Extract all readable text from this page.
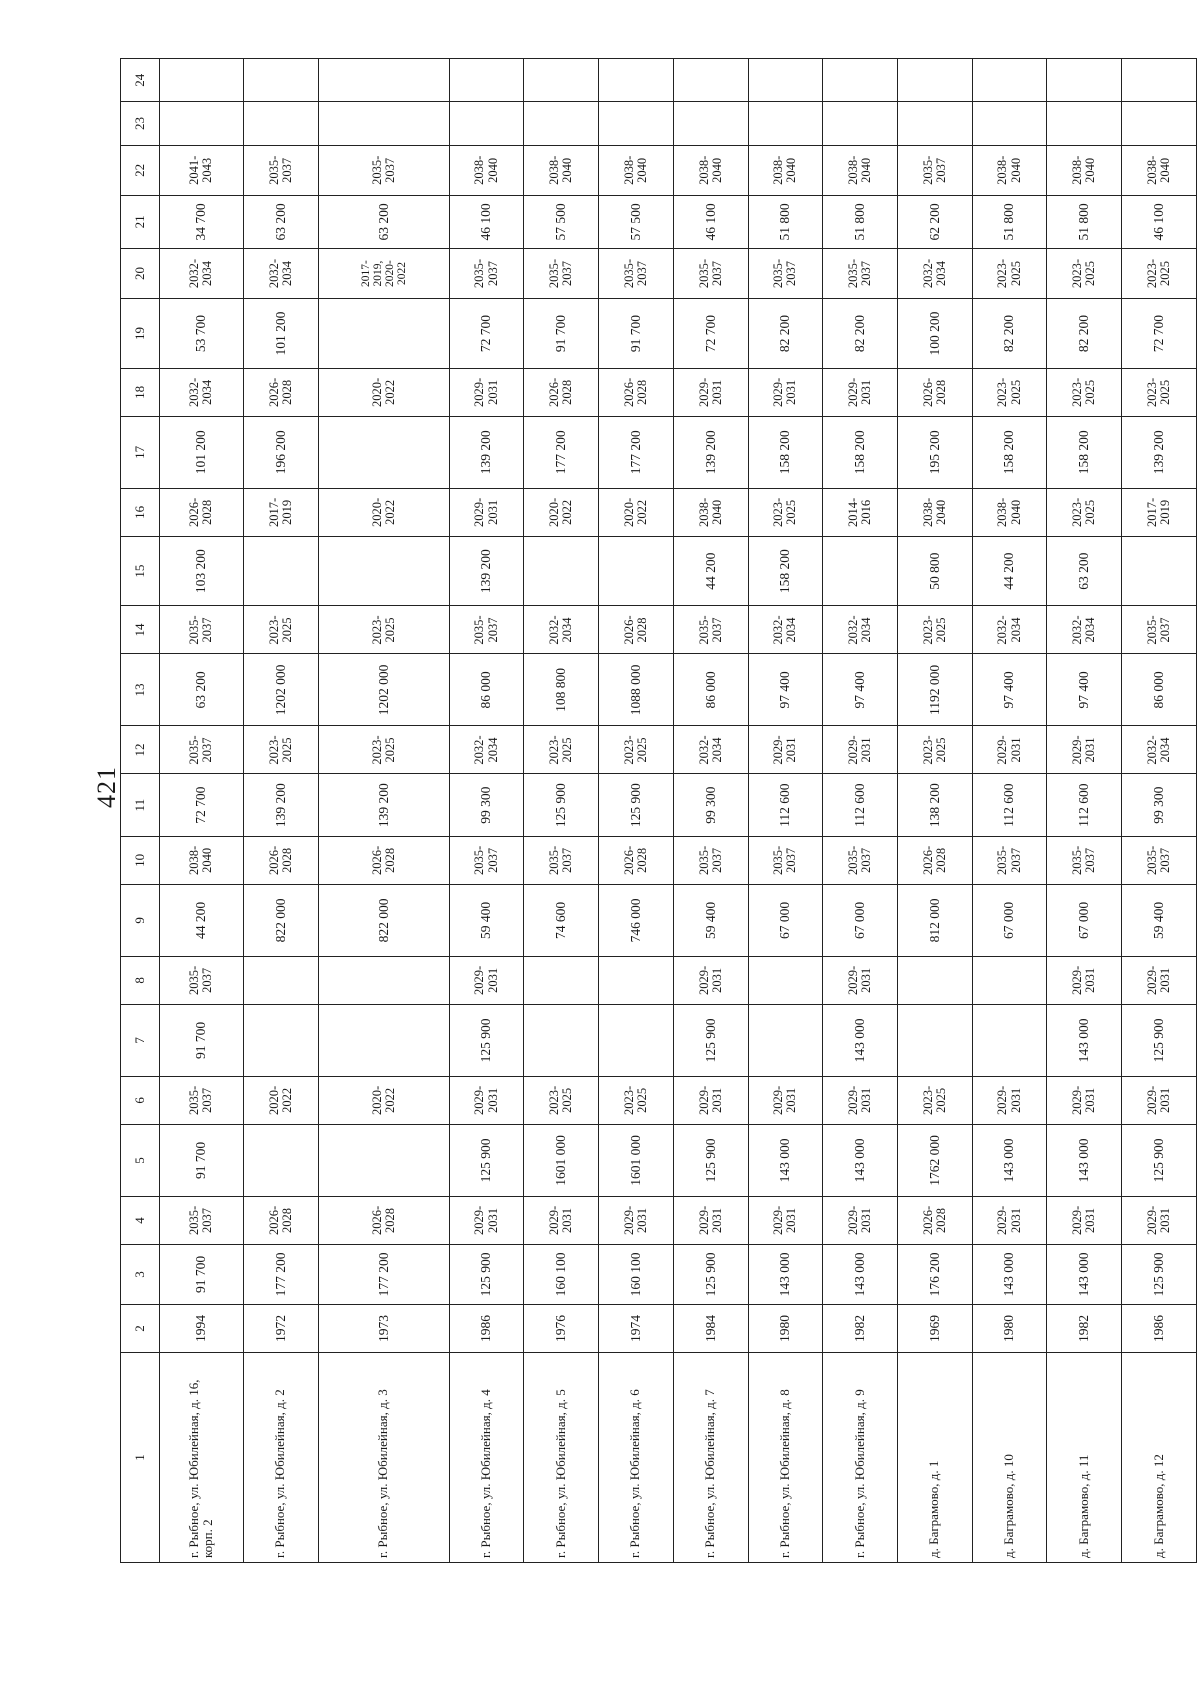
421
1	2	3	4	5	6	7	8	9	10	11	12	13	14	15	16	17	18	19	20	21	22	23	24
г. Рыбное, ул. Юбилейная, д. 16, корп. 2	1994	91 700	2035-2037	91 700	2035-2037	91 700	2035-2037	44 200	2038-2040	72 700	2035-2037	63 200	2035-2037	103 200	2026-2028	101 200	2032-2034	53 700	2032-2034	34 700	2041-2043		
г. Рыбное, ул. Юбилейная, д. 2	1972	177 200	2026-2028		2020-2022			822 000	2026-2028	139 200	2023-2025	1202 000	2023-2025		2017-2019	196 200	2026-2028	101 200	2032-2034	63 200	2035-2037		
г. Рыбное, ул. Юбилейная, д. 3	1973	177 200	2026-2028		2020-2022			822 000	2026-2028	139 200	2023-2025	1202 000	2023-2025		2020-2022		2020-2022		2017-2019, 2020-2022	63 200	2035-2037		
г. Рыбное, ул. Юбилейная, д. 4	1986	125 900	2029-2031	125 900	2029-2031	125 900	2029-2031	59 400	2035-2037	99 300	2032-2034	86 000	2035-2037	139 200	2029-2031	139 200	2029-2031	72 700	2035-2037	46 100	2038-2040		
г. Рыбное, ул. Юбилейная, д. 5	1976	160 100	2029-2031	1601 000	2023-2025			74 600	2035-2037	125 900	2023-2025	108 800	2032-2034		2020-2022	177 200	2026-2028	91 700	2035-2037	57 500	2038-2040		
г. Рыбное, ул. Юбилейная, д. 6	1974	160 100	2029-2031	1601 000	2023-2025			746 000	2026-2028	125 900	2023-2025	1088 000	2026-2028		2020-2022	177 200	2026-2028	91 700	2035-2037	57 500	2038-2040		
г. Рыбное, ул. Юбилейная, д. 7	1984	125 900	2029-2031	125 900	2029-2031	125 900	2029-2031	59 400	2035-2037	99 300	2032-2034	86 000	2035-2037	44 200	2038-2040	139 200	2029-2031	72 700	2035-2037	46 100	2038-2040		
г. Рыбное, ул. Юбилейная, д. 8	1980	143 000	2029-2031	143 000	2029-2031			67 000	2035-2037	112 600	2029-2031	97 400	2032-2034	158 200	2023-2025	158 200	2029-2031	82 200	2035-2037	51 800	2038-2040		
г. Рыбное, ул. Юбилейная, д. 9	1982	143 000	2029-2031	143 000	2029-2031	143 000	2029-2031	67 000	2035-2037	112 600	2029-2031	97 400	2032-2034		2014-2016	158 200	2029-2031	82 200	2035-2037	51 800	2038-2040		
д. Баграмово, д. 1	1969	176 200	2026-2028	1762 000	2023-2025			812 000	2026-2028	138 200	2023-2025	1192 000	2023-2025	50 800	2038-2040	195 200	2026-2028	100 200	2032-2034	62 200	2035-2037		
д. Баграмово, д. 10	1980	143 000	2029-2031	143 000	2029-2031			67 000	2035-2037	112 600	2029-2031	97 400	2032-2034	44 200	2038-2040	158 200	2023-2025	82 200	2023-2025	51 800	2038-2040		
д. Баграмово, д. 11	1982	143 000	2029-2031	143 000	2029-2031	143 000	2029-2031	67 000	2035-2037	112 600	2029-2031	97 400	2032-2034	63 200	2023-2025	158 200	2023-2025	82 200	2023-2025	51 800	2038-2040		
д. Баграмово, д. 12	1986	125 900	2029-2031	125 900	2029-2031	125 900	2029-2031	59 400	2035-2037	99 300	2032-2034	86 000	2035-2037		2017-2019	139 200	2023-2025	72 700	2023-2025	46 100	2038-2040		
